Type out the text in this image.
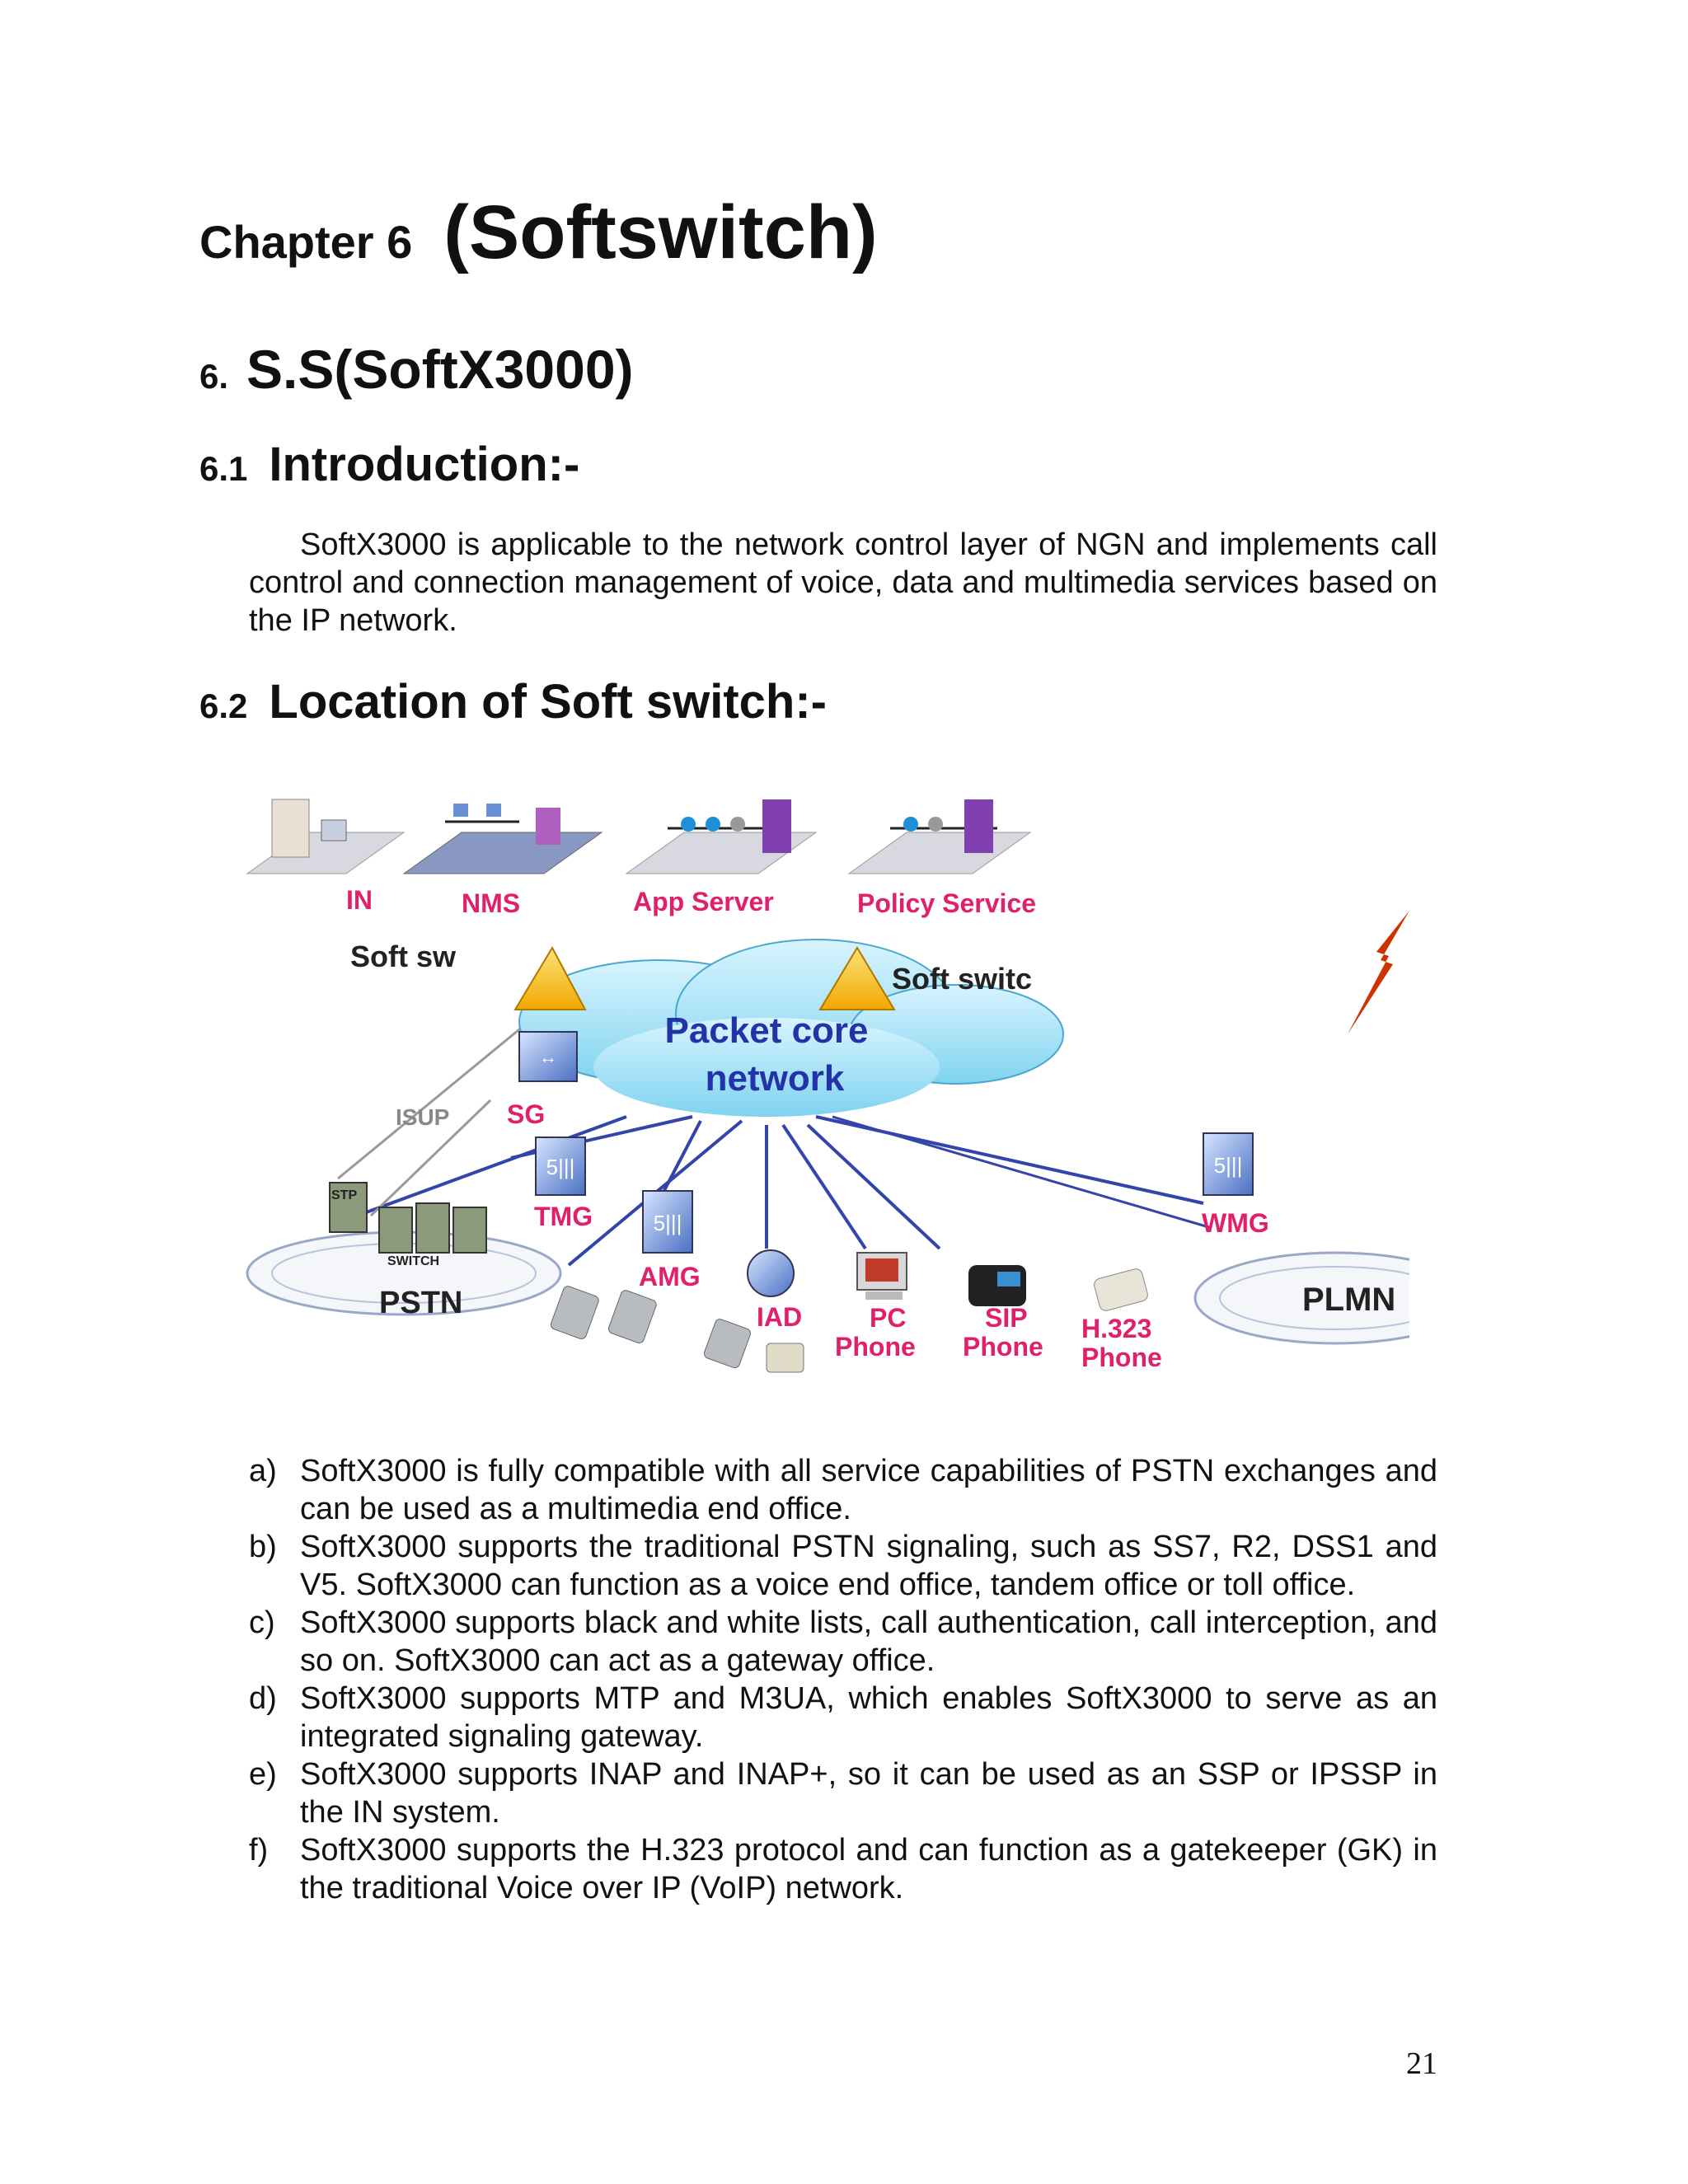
Chapter 6 (Softswitch)
6. S.S(SoftX3000)
6.1 Introduction:-

SoftX3000 is applicable to the network control layer of NGN and implements call control and connection management of voice, data and multimedia services based on the IP network.

6.2 Location of Soft switch:-
IN	NMS	App Server	Policy Service
Packet core
network
Soft sw
Soft switc
↔
ISUP SG
5|||
TMG	5|||
AMG
IAD	PC
Phone
SIP
Phone
H.323
Phone
5|||
WMG
STP
SWITCH
PSTN	PLMN
a) SoftX3000 is fully compatible with all service capabilities of PSTN exchanges and can be used as a multimedia end office.
b) SoftX3000 supports the traditional PSTN signaling, such as SS7, R2, DSS1 and V5. SoftX3000 can function as a voice end office, tandem office or toll office.
c) SoftX3000 supports black and white lists, call authentication, call interception, and so on. SoftX3000 can act as a gateway office.
d) SoftX3000 supports MTP and M3UA, which enables SoftX3000 to serve as an integrated signaling gateway.
e) SoftX3000 supports INAP and INAP+, so it can be used as an SSP or IPSSP in the IN system.
f) SoftX3000 supports the H.323 protocol and can function as a gatekeeper (GK) in the traditional Voice over IP (VoIP) network.
21
